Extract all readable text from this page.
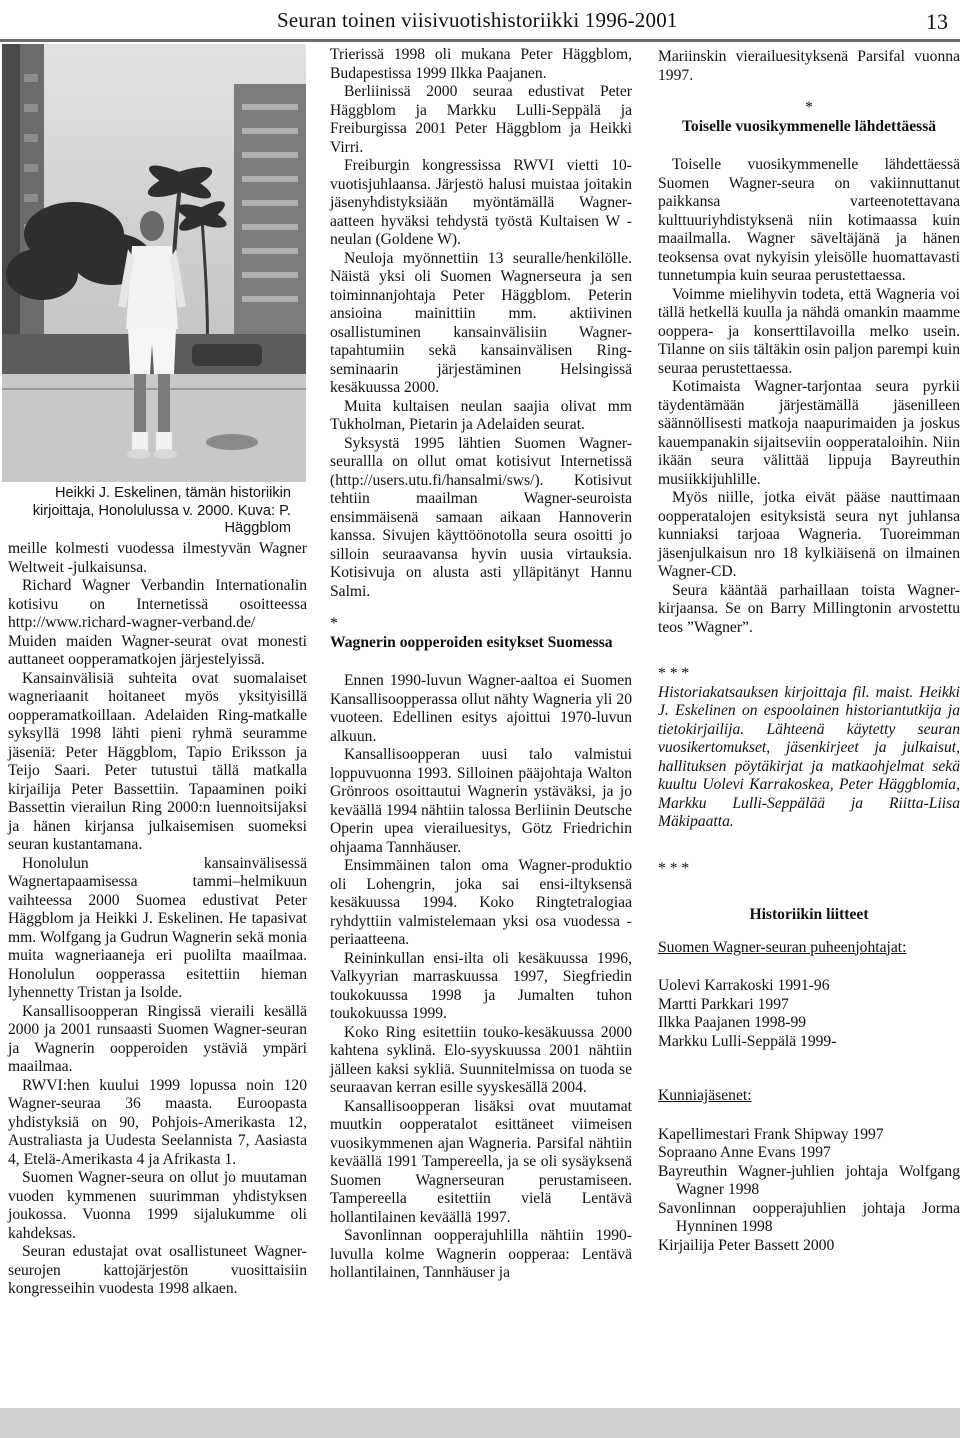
Seuran toinen viisivuotishistoriikki 1996-2001	13
Heikki J. Eskelinen, tämän historiikin kirjoittaja, Honolulussa v. 2000. Kuva: P. Häggblom

meille kolmesti vuodessa ilmestyvän Wagner Weltweit -julkaisunsa.

Richard Wagner Verbandin Internationalin kotisivu on Internetissä osoitteessa http://www.richard-wagner-verband.de/ Muiden maiden Wagner-seurat ovat monesti auttaneet oopperamatkojen järjestelyissä.

Kansainvälisiä suhteita ovat suomalaiset wagneriaanit hoitaneet myös yksityisillä oopperamatkoillaan. Adelaiden Ring-matkalle syksyllä 1998 lähti pieni ryhmä seuramme jäseniä: Peter Häggblom, Tapio Eriksson ja Teijo Saari. Peter tutustui tällä matkalla kirjailija Peter Bassettiin. Tapaaminen poiki Bassettin vierailun Ring 2000:n luennoitsijaksi ja hänen kirjansa julkaisemisen suomeksi seuran kustantamana.

Honolulun kansainvälisessä Wagnertapaamisessa tammi–helmikuun vaihteessa 2000 Suomea edustivat Peter Häggblom ja Heikki J. Eskelinen. He tapasivat mm. Wolfgang ja Gudrun Wagnerin sekä monia muita wagneriaaneja eri puolilta maailmaa. Honolulun oopperassa esitettiin hieman lyhennetty Tristan ja Isolde.

Kansallisoopperan Ringissä vieraili kesällä 2000 ja 2001 runsaasti Suomen Wagner-seuran ja Wagnerin oopperoiden ystäviä ympäri maailmaa.

RWVI:hen kuului 1999 lopussa noin 120 Wagner-seuraa 36 maasta. Euroopasta yhdistyksiä on 90, Pohjois-Amerikasta 12, Australiasta ja Uudesta Seelannista 7, Aasiasta 4, Etelä-Amerikasta 4 ja Afrikasta 1.

Suomen Wagner-seura on ollut jo muutaman vuoden kymmenen suurimman yhdistyksen joukossa. Vuonna 1999 sijalukumme oli kahdeksas.

Seuran edustajat ovat osallistuneet Wagner-seurojen kattojärjestön vuosittaisiin kongresseihin vuodesta 1998 alkaen.

Trierissä 1998 oli mukana Peter Häggblom, Budapestissa 1999 Ilkka Paajanen.

Berliinissä 2000 seuraa edustivat Peter Häggblom ja Markku Lulli-Seppälä ja Freiburgissa 2001 Peter Häggblom ja Heikki Virri.

Freiburgin kongressissa RWVI vietti 10-vuotisjuhlaansa. Järjestö halusi muistaa joitakin jäsenyhdistyksiään myöntämällä Wagner-aatteen hyväksi tehdystä työstä Kultaisen W -neulan (Goldene W).

Neuloja myönnettiin 13 seuralle/henkilölle. Näistä yksi oli Suomen Wagnerseura ja sen toiminnanjohtaja Peter Häggblom. Peterin ansioina mainittiin mm. aktiivinen osallistuminen kansainvälisiin Wagner-tapahtumiin sekä kansainvälisen Ring-seminaarin järjestäminen Helsingissä kesäkuussa 2000.

Muita kultaisen neulan saajia olivat mm Tukholman, Pietarin ja Adelaiden seurat.

Syksystä 1995 lähtien Suomen Wagner-seurallla on ollut omat kotisivut Internetissä (http://users.utu.fi/hansalmi/sws/). Kotisivut tehtiin maailman Wagner-seuroista ensimmäisenä samaan aikaan Hannoverin kanssa. Sivujen käyttöönotolla seura osoitti jo silloin seuraavansa hyvin uusia virtauksia. Kotisivuja on alusta asti ylläpitänyt Hannu Salmi.

*

Wagnerin oopperoiden esitykset Suomessa

Ennen 1990-luvun Wagner-aaltoa ei Suomen Kansallisoopperassa ollut nähty Wagneria yli 20 vuoteen. Edellinen esitys ajoittui 1970-luvun alkuun.

Kansallisoopperan uusi talo valmistui loppuvuonna 1993. Silloinen pääjohtaja Walton Grönroos osoittautui Wagnerin ystäväksi, ja jo keväällä 1994 nähtiin talossa Berliinin Deutsche Operin upea vierailuesitys, Götz Friedrichin ohjaama Tannhäuser.

Ensimmäinen talon oma Wagner-produktio oli Lohengrin, joka sai ensi-iltyksensä kesäkuussa 1994. Koko Ringtetralogiaa ryhdyttiin valmistelemaan yksi osa vuodessa -periaatteena.

Reininkullan ensi-ilta oli kesäkuussa 1996, Valkyyrian marraskuussa 1997, Siegfriedin toukokuussa 1998 ja Jumalten tuhon toukokuussa 1999.

Koko Ring esitettiin touko-kesäkuussa 2000 kahtena syklinä. Elo-syyskuussa 2001 nähtiin jälleen kaksi sykliä. Suunnitelmissa on tuoda se seuraavan kerran esille syyskesällä 2004.

Kansallisoopperan lisäksi ovat muutamat muutkin oopperatalot esittäneet viimeisen vuosikymmenen ajan Wagneria. Parsifal nähtiin keväällä 1991 Tampereella, ja se oli sysäyksenä Suomen Wagnerseuran perustamiseen. Tampereella esitettiin vielä Lentävä hollantilainen keväällä 1997.

Savonlinnan oopperajuhlilla nähtiin 1990-luvulla kolme Wagnerin oopperaa: Lentävä hollantilainen, Tannhäuser ja

Mariinskin vierailuesityksenä Parsifal vuonna 1997.

*

Toiselle vuosikymmenelle lähdettäessä

Toiselle vuosikymmenelle lähdettäessä Suomen Wagner-seura on vakiinnuttanut paikkansa varteenotettavana kulttuuriyhdistyksenä niin kotimaassa kuin maailmalla. Wagner säveltäjänä ja hänen teoksensa ovat nykyisin yleisölle huomattavasti tunnetumpia kuin seuraa perustettaessa.

Voimme mielihyvin todeta, että Wagneria voi tällä hetkellä kuulla ja nähdä omankin maamme ooppera- ja konserttilavoilla melko usein. Tilanne on siis tältäkin osin paljon parempi kuin seuraa perustettaessa.

Kotimaista Wagner-tarjontaa seura pyrkii täydentämään järjestämällä jäsenilleen säännöllisesti matkoja naapurimaiden ja joskus kauempanakin sijaitseviin oopperataloihin. Niin ikään seura välittää lippuja Bayreuthin musiikkijuhlille.

Myös niille, jotka eivät pääse nauttimaan oopperatalojen esityksistä seura nyt juhlansa kunniaksi tarjoaa Wagneria. Tuoreimman jäsenjulkaisun nro 18 kylkiäisenä on ilmainen Wagner-CD.

Seura kääntää parhaillaan toista Wagner-kirjaansa. Se on Barry Millingtonin arvostettu teos ”Wagner”.

* * *

Historiakatsauksen kirjoittaja fil. maist. Heikki J. Eskelinen on espoolainen historiantutkija ja tietokirjailija. Lähteenä käytetty seuran vuosikertomukset, jäsenkirjeet ja julkaisut, hallituksen pöytäkirjat ja matkaohjelmat sekä kuultu Uolevi Karrakoskea, Peter Häggblomia, Markku Lulli-Seppälää ja Riitta-Liisa Mäkipaatta.

* * *

Historiikin liitteet

Suomen Wagner-seuran puheenjohtajat:

Uolevi Karrakoski 1991-96

Martti Parkkari 1997

Ilkka Paajanen 1998-99

Markku Lulli-Seppälä 1999-

Kunniajäsenet:

Kapellimestari Frank Shipway 1997

Sopraano Anne Evans 1997

Bayreuthin Wagner-juhlien johtaja Wolfgang Wagner 1998

Savonlinnan oopperajuhlien johtaja Jorma Hynninen 1998

Kirjailija Peter Bassett 2000
